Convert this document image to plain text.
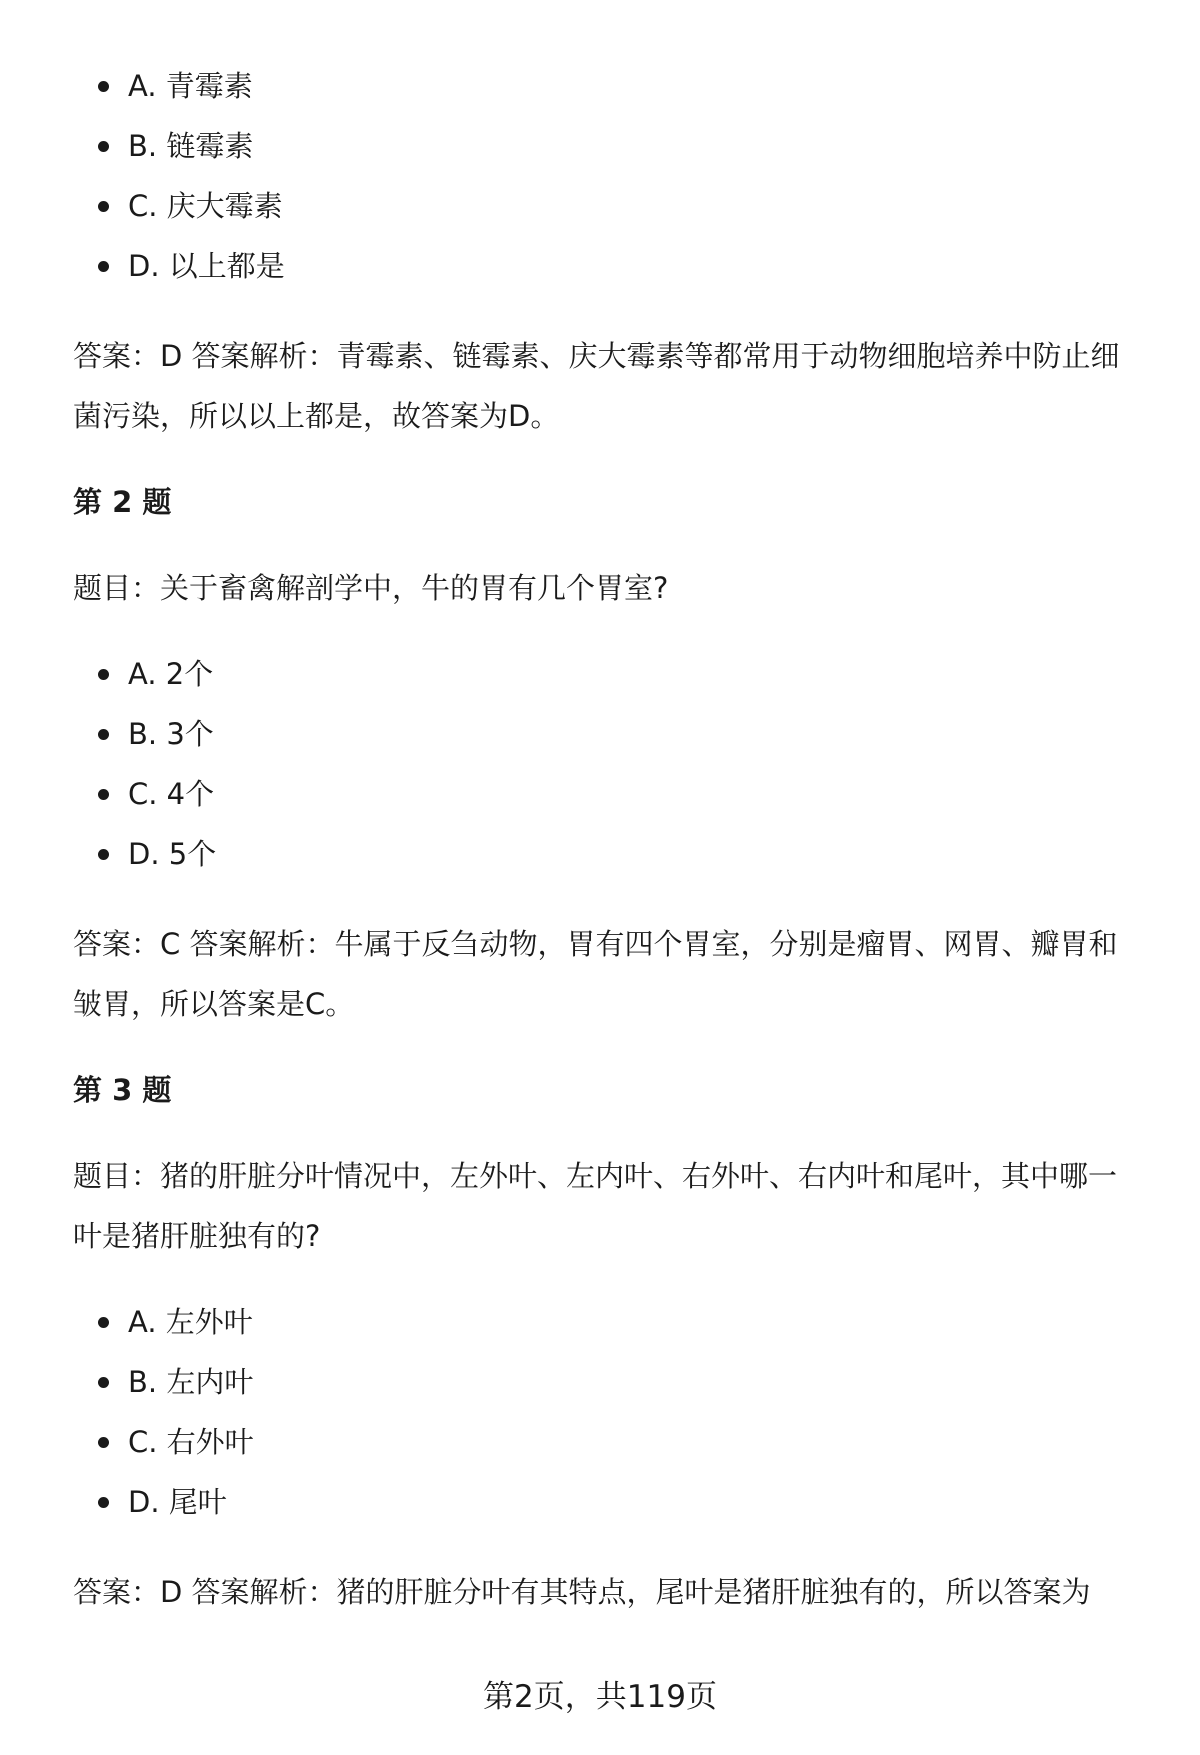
A. 青霉素
B. 链霉素
C. 庆大霉素
D. 以上都是

答案：D 答案解析：青霉素、链霉素、庆大霉素等都常用于动物细胞培养中防止细

菌污染，所以以上都是，故答案为D。

第 2 题

题目：关于畜禽解剖学中，牛的胃有几个胃室?

A. 2个
B. 3个
C. 4个
D. 5个

答案：C 答案解析：牛属于反刍动物，胃有四个胃室，分别是瘤胃、网胃、瓣胃和

皱胃，所以答案是C。

第 3 题

题目：猪的肝脏分叶情况中，左外叶、左内叶、右外叶、右内叶和尾叶，其中哪一

叶是猪肝脏独有的?

A. 左外叶
B. 左内叶
C. 右外叶
D. 尾叶

答案：D 答案解析：猪的肝脏分叶有其特点，尾叶是猪肝脏独有的，所以答案为

第2页，共119页
